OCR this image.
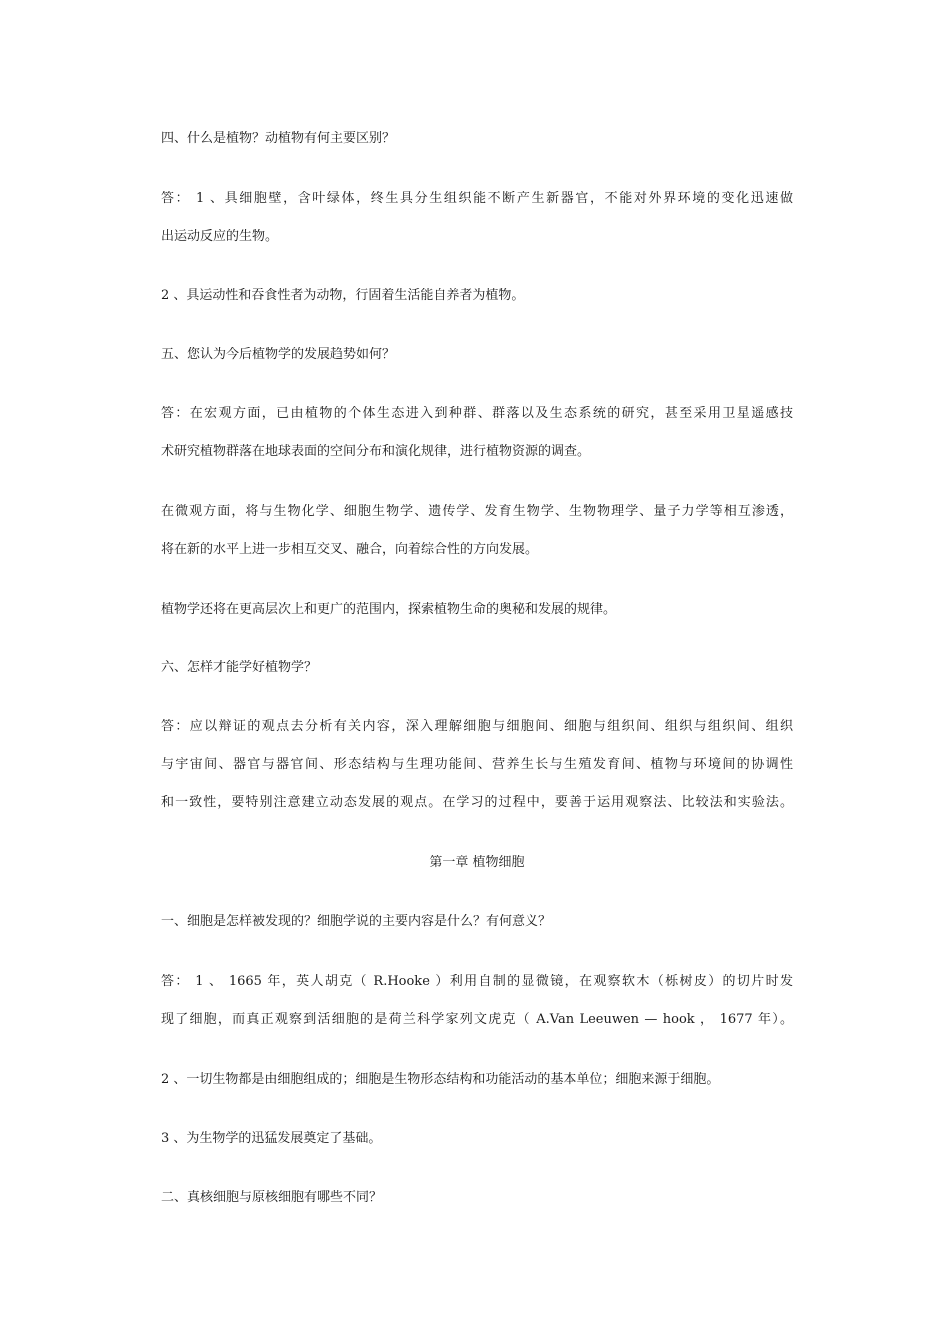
四、什么是植物？动植物有何主要区别？
答： 1 、具细胞壁，含叶绿体，终生具分生组织能不断产生新器官，不能对外界环境的变化迅速做
出运动反应的生物。
2 、具运动性和吞食性者为动物，行固着生活能自养者为植物。
五、您认为今后植物学的发展趋势如何？
答：在宏观方面，已由植物的个体生态进入到种群、群落以及生态系统的研究，甚至采用卫星遥感技
术研究植物群落在地球表面的空间分布和演化规律，进行植物资源的调查。
在微观方面，将与生物化学、细胞生物学、遗传学、发育生物学、生物物理学、量子力学等相互渗透，
将在新的水平上进一步相互交叉、融合，向着综合性的方向发展。
植物学还将在更高层次上和更广的范围内，探索植物生命的奥秘和发展的规律。
六、怎样才能学好植物学？
答：应以辩证的观点去分析有关内容，深入理解细胞与细胞间、细胞与组织间、组织与组织间、组织
与宇宙间、器官与器官间、形态结构与生理功能间、营养生长与生殖发育间、植物与环境间的协调性
和一致性，要特别注意建立动态发展的观点。在学习的过程中，要善于运用观察法、比较法和实验法。
第一章 植物细胞
一、细胞是怎样被发现的？细胞学说的主要内容是什么？有何意义？
答： 1 、 1665 年，英人胡克（ R.Hooke ）利用自制的显微镜，在观察软木（栎树皮）的切片时发
现了细胞，而真正观察到活细胞的是荷兰科学家列文虎克（ A.Van Leeuwen — hook ， 1677 年）。
2 、一切生物都是由细胞组成的；细胞是生物形态结构和功能活动的基本单位；细胞来源于细胞。
3 、为生物学的迅猛发展奠定了基础。
二、真核细胞与原核细胞有哪些不同？
